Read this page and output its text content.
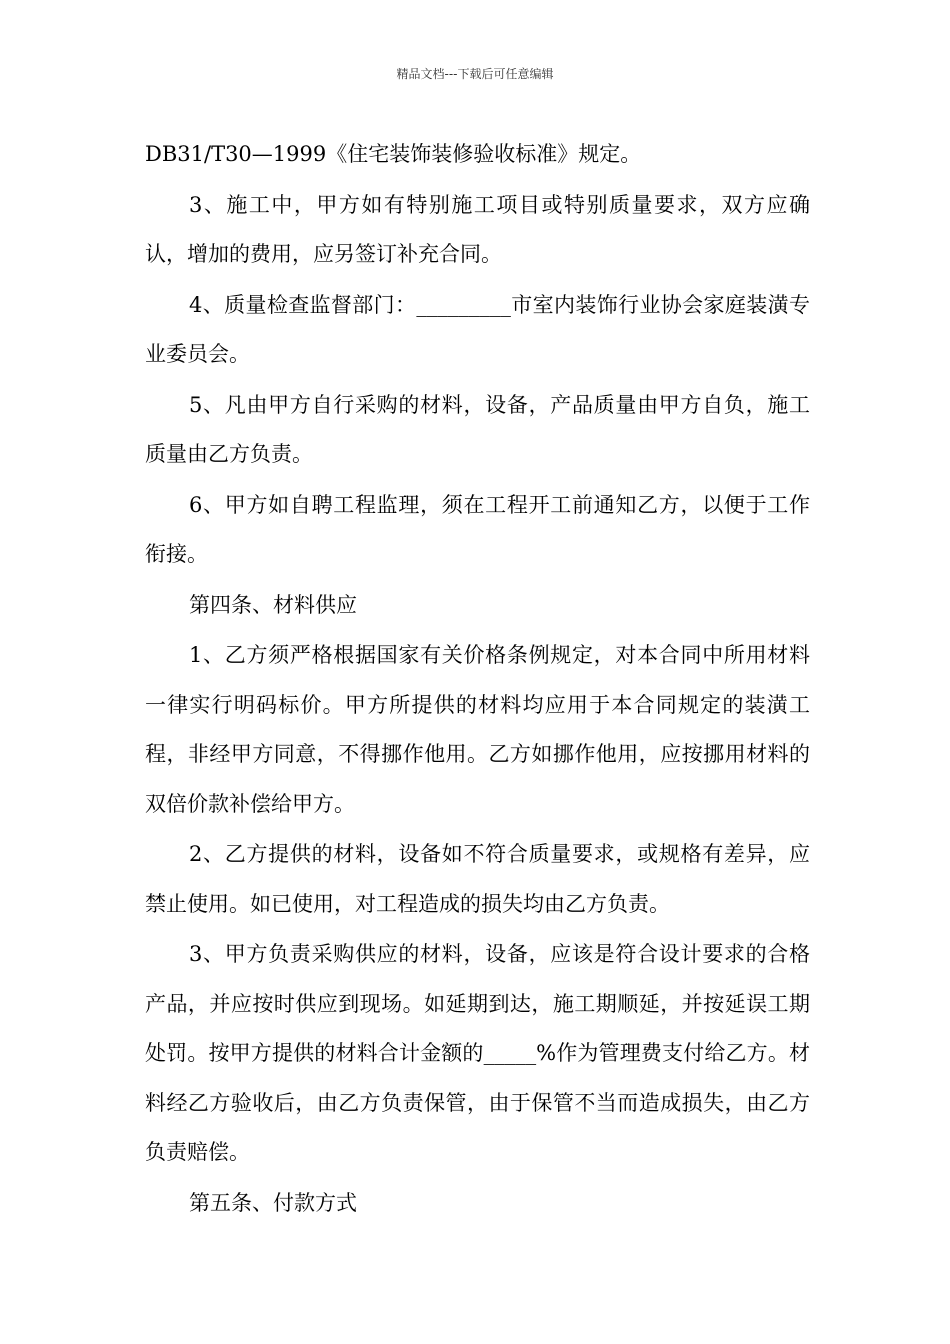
精品文档---下载后可任意编辑

DB31/T30—1999《住宅装饰装修验收标准》规定。

3、施工中，甲方如有特别施工项目或特别质量要求，双方应确认，增加的费用，应另签订补充合同。

4、质量检查监督部门：_________市室内装饰行业协会家庭装潢专业委员会。

5、凡由甲方自行采购的材料，设备，产品质量由甲方自负，施工质量由乙方负责。

6、甲方如自聘工程监理，须在工程开工前通知乙方，以便于工作衔接。

第四条、材料供应

1、乙方须严格根据国家有关价格条例规定，对本合同中所用材料一律实行明码标价。甲方所提供的材料均应用于本合同规定的装潢工程，非经甲方同意，不得挪作他用。乙方如挪作他用，应按挪用材料的双倍价款补偿给甲方。

2、乙方提供的材料，设备如不符合质量要求，或规格有差异，应禁止使用。如已使用，对工程造成的损失均由乙方负责。

3、甲方负责采购供应的材料，设备，应该是符合设计要求的合格产品，并应按时供应到现场。如延期到达，施工期顺延，并按延误工期处罚。按甲方提供的材料合计金额的_____%作为管理费支付给乙方。材料经乙方验收后，由乙方负责保管，由于保管不当而造成损失，由乙方负责赔偿。

第五条、付款方式
